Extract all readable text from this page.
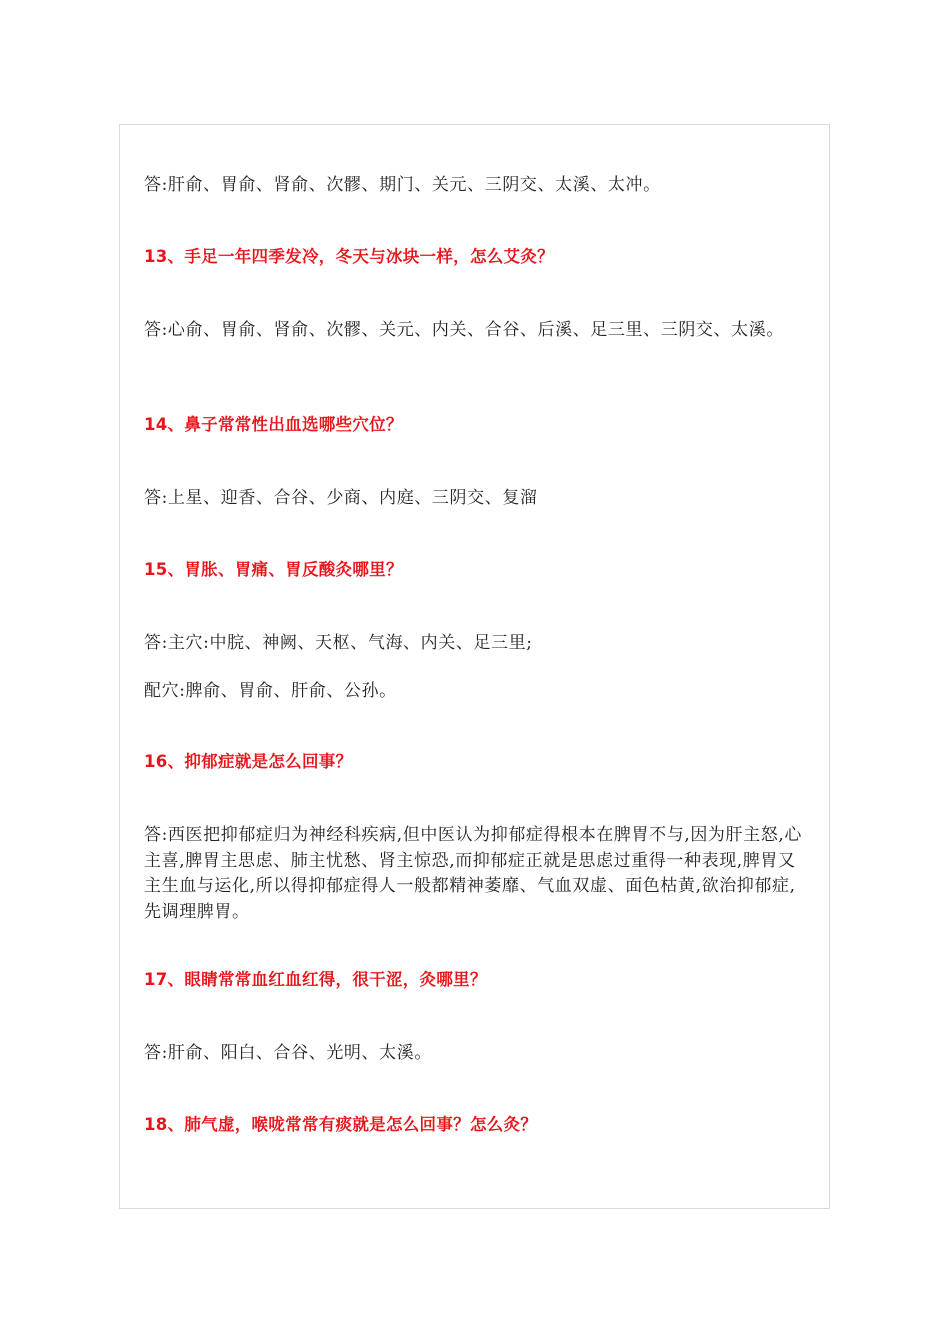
答:肝俞、胃俞、肾俞、次髎、期门、关元、三阴交、太溪、太冲。

13、手足一年四季发冷，冬天与冰块一样，怎么艾灸？

答:心俞、胃俞、肾俞、次髎、关元、内关、合谷、后溪、足三里、三阴交、太溪。

14、鼻子常常性出血选哪些穴位？

答:上星、迎香、合谷、少商、内庭、三阴交、复溜

15、胃胀、胃痛、胃反酸灸哪里？

答:主穴:中脘、神阙、天枢、气海、内关、足三里;

配穴:脾俞、胃俞、肝俞、公孙。

16、抑郁症就是怎么回事？

答:西医把抑郁症归为神经科疾病,但中医认为抑郁症得根本在脾胃不与,因为肝主怒,心主喜,脾胃主思虑、肺主忧愁、肾主惊恐,而抑郁症正就是思虑过重得一种表现,脾胃又主生血与运化,所以得抑郁症得人一般都精神萎靡、气血双虚、面色枯黄,欲治抑郁症,先调理脾胃。

17、眼睛常常血红血红得，很干涩，灸哪里？

答:肝俞、阳白、合谷、光明、太溪。

18、肺气虚，喉咙常常有痰就是怎么回事？怎么灸？
